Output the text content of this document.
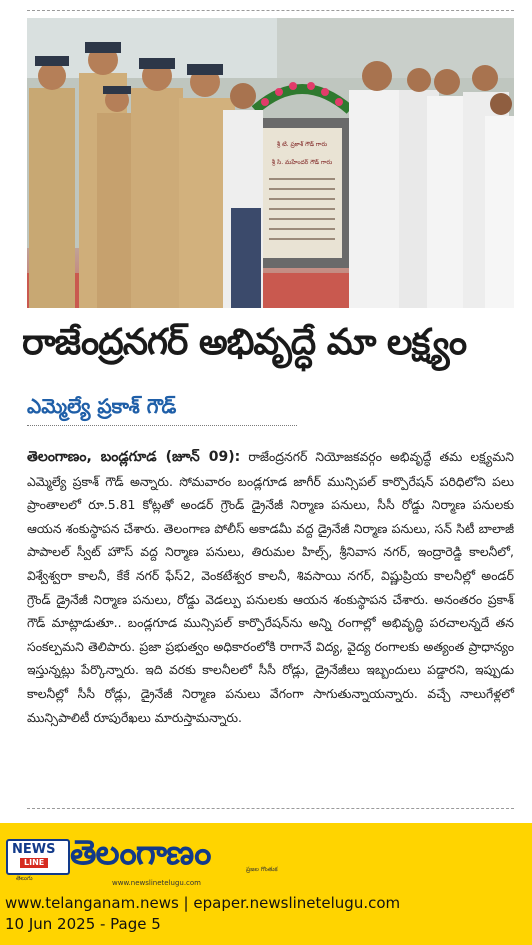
శ్రీ టి. ప్రకాశ్ గౌడ్ గారు
శ్రీ సి. మహేందర్ గౌడ్ గారు
రాజేంద్రనగర్ అభివృద్ధే మా లక్ష్యం
ఎమ్మెల్యే ప్రకాశ్ గౌడ్
తెలంగాణం, బండ్లగూడ (జూన్ 09): రాజేంద్రనగర్ నియోజకవర్గం అభివృద్ధే తమ లక్ష్యమని ఎమ్మెల్యే ప్రకాశ్ గౌడ్ అన్నారు. సోమవారం బండ్లగూడ జాగీర్ మున్సిపల్ కార్పొరేషన్ పరిధిలోని పలు ప్రాంతాలలో రూ.5.81 కోట్లతో అండర్ గ్రౌండ్ డ్రైనేజీ నిర్మాణ పనులు, సీసీ రోడ్డు నిర్మాణ పనులకు ఆయన శంకుస్థాపన చేశారు. తెలంగాణ పోలీస్ అకాడమీ వద్ద డ్రైనేజీ నిర్మాణ పనులు, సన్ సిటీ బాలాజీ పాపాలల్ స్వీట్ హౌస్ వద్ద నిర్మాణ పనులు, తిరుమల హిల్స్, శ్రీనివాస నగర్, ఇంద్రారెడ్డి కాలనీలో, విశ్వేశ్వరా కాలనీ, కేకే నగర్ ఫేస్2, వెంకటేశ్వర కాలనీ, శివసాయి నగర్, విష్ణుప్రియ కాలనీల్లో అండర్ గ్రౌండ్ డ్రైనేజీ నిర్మాణ పనులు, రోడ్డు వెడల్పు పనులకు ఆయన శంకుస్థాపన చేశారు. అనంతరం ప్రకాశ్ గౌడ్ మాట్లాడుతూ.. బండ్లగూడ మున్సిపల్ కార్పొరేషన్‌ను అన్ని రంగాల్లో అభివృద్ధి పరచాలన్నదే తన సంకల్పమని తెలిపారు. ప్రజా ప్రభుత్వం అధికారంలోకి రాగానే విద్య, వైద్య రంగాలకు అత్యంత ప్రాధాన్యం ఇస్తున్నట్లు పేర్కొన్నారు. ఇది వరకు కాలనీలలో సీసీ రోడ్లు, డ్రైనేజీలు ఇబ్బందులు పడ్డారని, ఇప్పుడు కాలనీల్లో సీసీ రోడ్లు, డ్రైనేజీ నిర్మాణ పనులు వేగంగా సాగుతున్నాయన్నారు. వచ్చే నాలుగేళ్లలో మున్సిపాలిటీ రూపురేఖలు మారుస్తామన్నారు.
NEWS
LINE
తెలుగు
తెలంగాణం	ప్రజల గొంతుక
www.newslinetelugu.com
www.telanganam.news | epaper.newslinetelugu.com
10 Jun 2025 - Page 5
